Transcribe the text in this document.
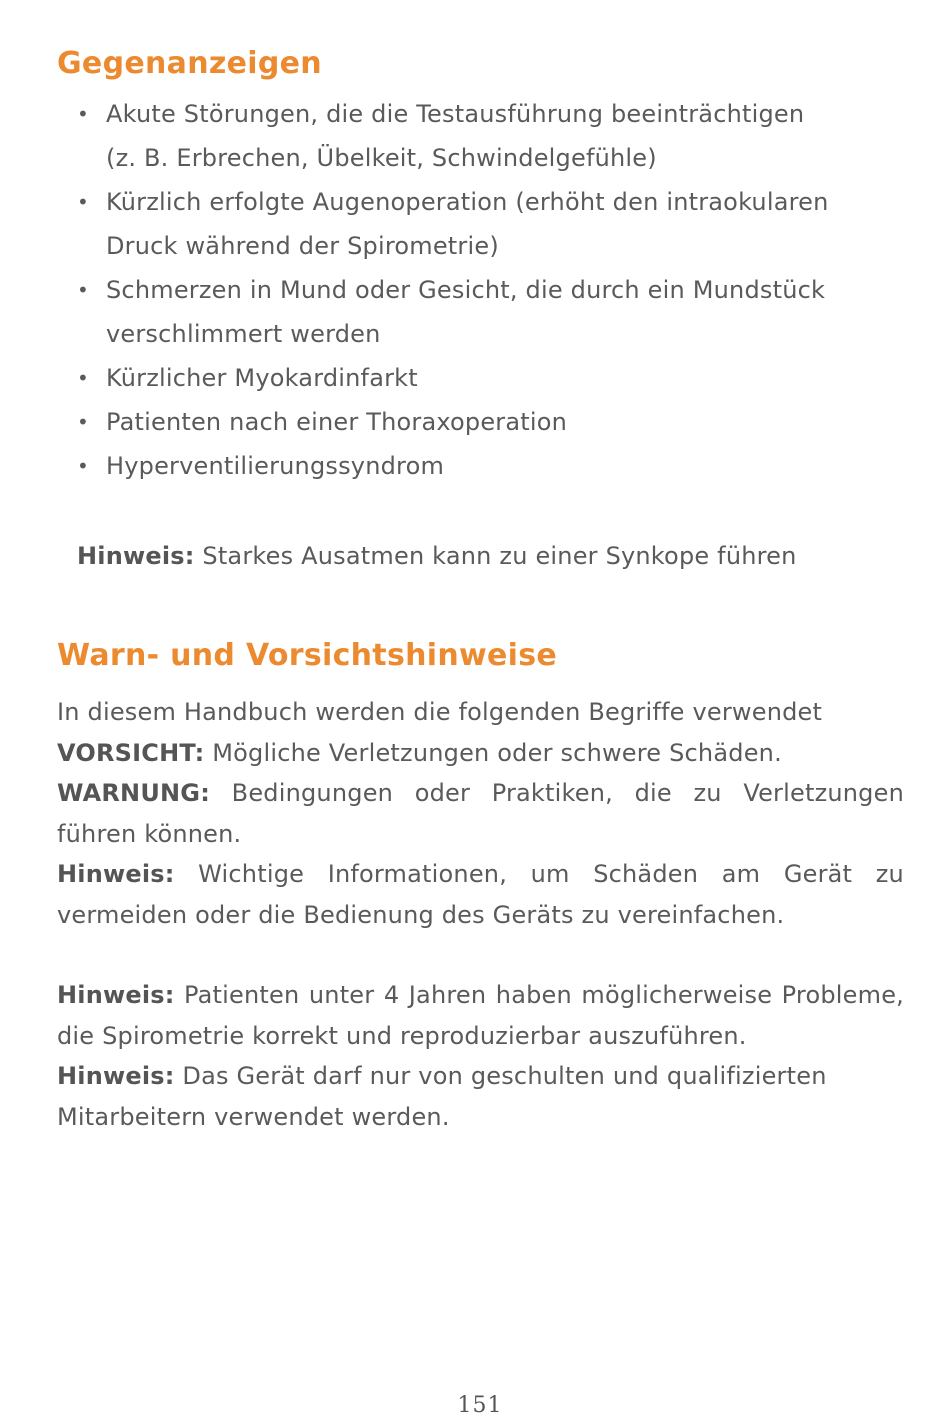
Gegenanzeigen
• Akute Störungen, die die Testausführung beeinträchtigen
(z. B. Erbrechen, Übelkeit, Schwindelgefühle)
• Kürzlich erfolgte Augenoperation (erhöht den intraokularen
Druck während der Spirometrie)
• Schmerzen in Mund oder Gesicht, die durch ein Mundstück
verschlimmert werden
• Kürzlicher Myokardinfarkt
• Patienten nach einer Thoraxoperation
• Hyperventilierungssyndrom
Hinweis: Starkes Ausatmen kann zu einer Synkope führen
Warn- und Vorsichtshinweise

In diesem Handbuch werden die folgenden Begriffe verwendet

VORSICHT: Mögliche Verletzungen oder schwere Schäden.

WARNUNG: Bedingungen oder Praktiken, die zu Verletzungen führen können.

Hinweis: Wichtige Informationen, um Schäden am Gerät zu

vermeiden oder die Bedienung des Geräts zu vereinfachen.

Hinweis: Patienten unter 4 Jahren haben möglicherweise Probleme, die Spirometrie korrekt und reproduzierbar auszuführen.

Hinweis: Das Gerät darf nur von geschulten und qualifizierten Mitarbeitern verwendet werden.

151
